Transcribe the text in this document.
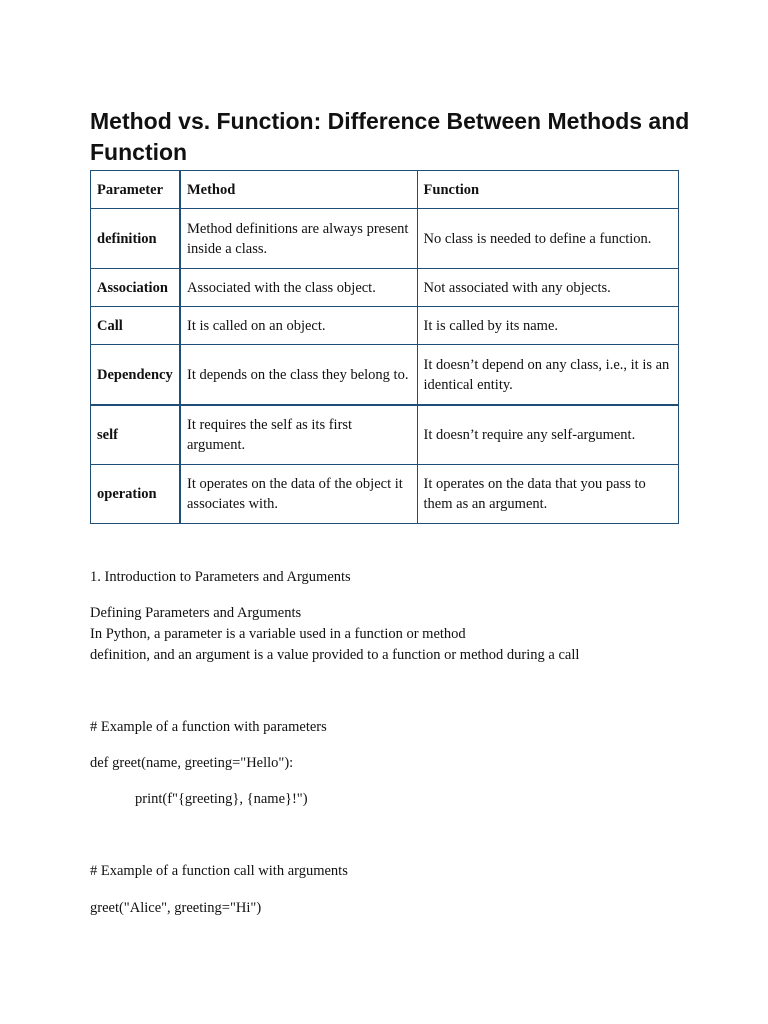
Method vs. Function: Difference Between Methods and Function
Parameter	Method	Function
definition	Method definitions are always present inside a class.	No class is needed to define a function.
Association	Associated with the class object.	Not associated with any objects.
Call	It is called on an object.	It is called by its name.
Dependency	It depends on the class they belong to.	It doesn’t depend on any class, i.e., it is an identical entity.
self	It requires the self as its first argument.	It doesn’t require any self-argument.
operation	It operates on the data of the object it associates with.	It operates on the data that you pass to them as an argument.

1. Introduction to Parameters and Arguments

Defining Parameters and Arguments

In Python, a parameter is a variable used in a function or method

definition, and an argument is a value provided to a function or method during a call

# Example of a function with parameters

def greet(name, greeting="Hello"):

print(f"{greeting}, {name}!")

# Example of a function call with arguments

greet("Alice", greeting="Hi")
